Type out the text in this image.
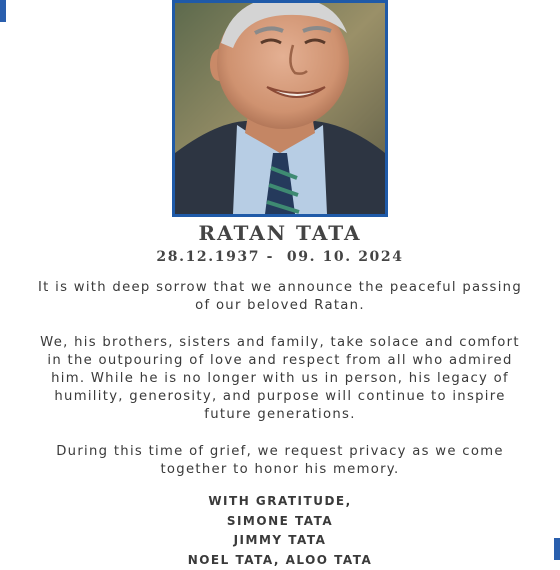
RATAN TATA
28.12.1937 -  09. 10. 2024
It is with deep sorrow that we announce the peaceful passing
of our beloved Ratan.
We, his brothers, sisters and family, take solace and comfort
in the outpouring of love and respect from all who admired
him. While he is no longer with us in person, his legacy of
humility, generosity, and purpose will continue to inspire
future generations.
During this time of grief, we request privacy as we come
together to honor his memory.
WITH GRATITUDE,
SIMONE TATA
JIMMY TATA
NOEL TATA, ALOO TATA
